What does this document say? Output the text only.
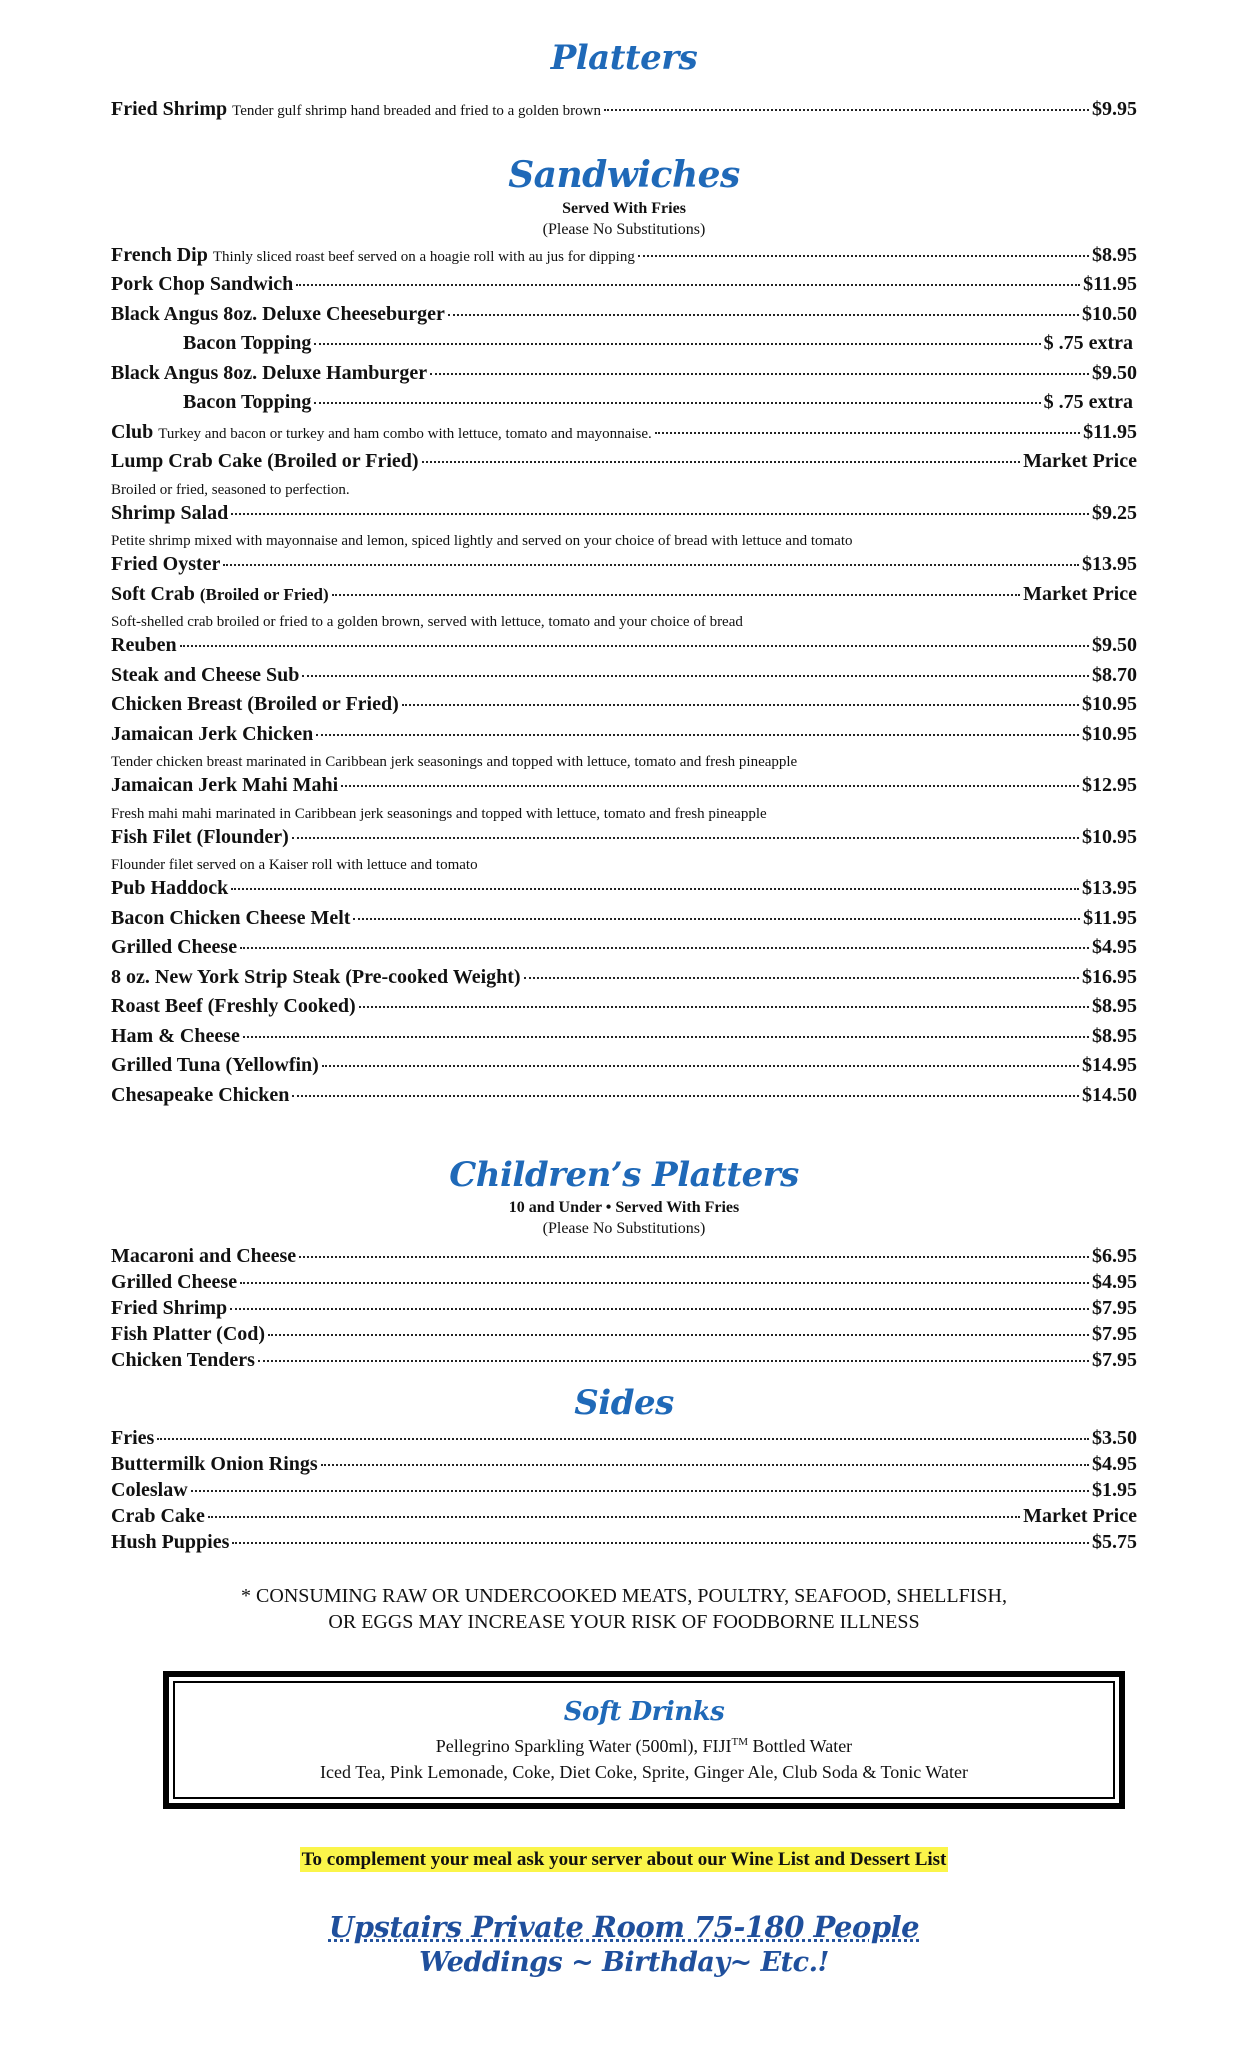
Platters
Fried Shrimp Tender gulf shrimp hand breaded and fried to a golden brown	$9.95
Sandwiches
Served With Fries
(Please No Substitutions)
French Dip Thinly sliced roast beef served on a hoagie roll with au jus for dipping	$8.95
Pork Chop Sandwich	$11.95
Black Angus 8oz. Deluxe Cheeseburger	$10.50
Bacon Topping	$ .75 extra
Black Angus 8oz. Deluxe Hamburger	$9.50
Bacon Topping	$ .75 extra
Club Turkey and bacon or turkey and ham combo with lettuce, tomato and mayonnaise.	$11.95
Lump Crab Cake (Broiled or Fried)	Market Price
Broiled or fried, seasoned to perfection.
Shrimp Salad	$9.25
Petite shrimp mixed with mayonnaise and lemon, spiced lightly and served on your choice of bread with lettuce and tomato
Fried Oyster	$13.95
Soft Crab (Broiled or Fried)	Market Price
Soft-shelled crab broiled or fried to a golden brown, served with lettuce, tomato and your choice of bread
Reuben	$9.50
Steak and Cheese Sub	$8.70
Chicken Breast (Broiled or Fried)	$10.95
Jamaican Jerk Chicken	$10.95
Tender chicken breast marinated in Caribbean jerk seasonings and topped with lettuce, tomato and fresh pineapple
Jamaican Jerk Mahi Mahi	$12.95
Fresh mahi mahi marinated in Caribbean jerk seasonings and topped with lettuce, tomato and fresh pineapple
Fish Filet (Flounder)	$10.95
Flounder filet served on a Kaiser roll with lettuce and tomato
Pub Haddock	$13.95
Bacon Chicken Cheese Melt	$11.95
Grilled Cheese	$4.95
8 oz. New York Strip Steak (Pre-cooked Weight)	$16.95
Roast Beef (Freshly Cooked)	$8.95
Ham & Cheese	$8.95
Grilled Tuna (Yellowfin)	$14.95
Chesapeake Chicken	$14.50
Children’s Platters
10 and Under • Served With Fries
(Please No Substitutions)
Macaroni and Cheese	$6.95
Grilled Cheese	$4.95
Fried Shrimp	$7.95
Fish Platter (Cod)	$7.95
Chicken Tenders	$7.95
Sides
Fries	$3.50
Buttermilk Onion Rings	$4.95
Coleslaw	$1.95
Crab Cake	Market Price
Hush Puppies	$5.75
* CONSUMING RAW OR UNDERCOOKED MEATS, POULTRY, SEAFOOD, SHELLFISH,
OR EGGS MAY INCREASE YOUR RISK OF FOODBORNE ILLNESS
Soft Drinks
Pellegrino Sparkling Water (500ml), FIJI™ Bottled Water
Iced Tea, Pink Lemonade, Coke, Diet Coke, Sprite, Ginger Ale, Club Soda & Tonic Water
To complement your meal ask your server about our Wine List and Dessert List
Upstairs Private Room 75-180 People
Weddings ~ Birthday~ Etc.!
